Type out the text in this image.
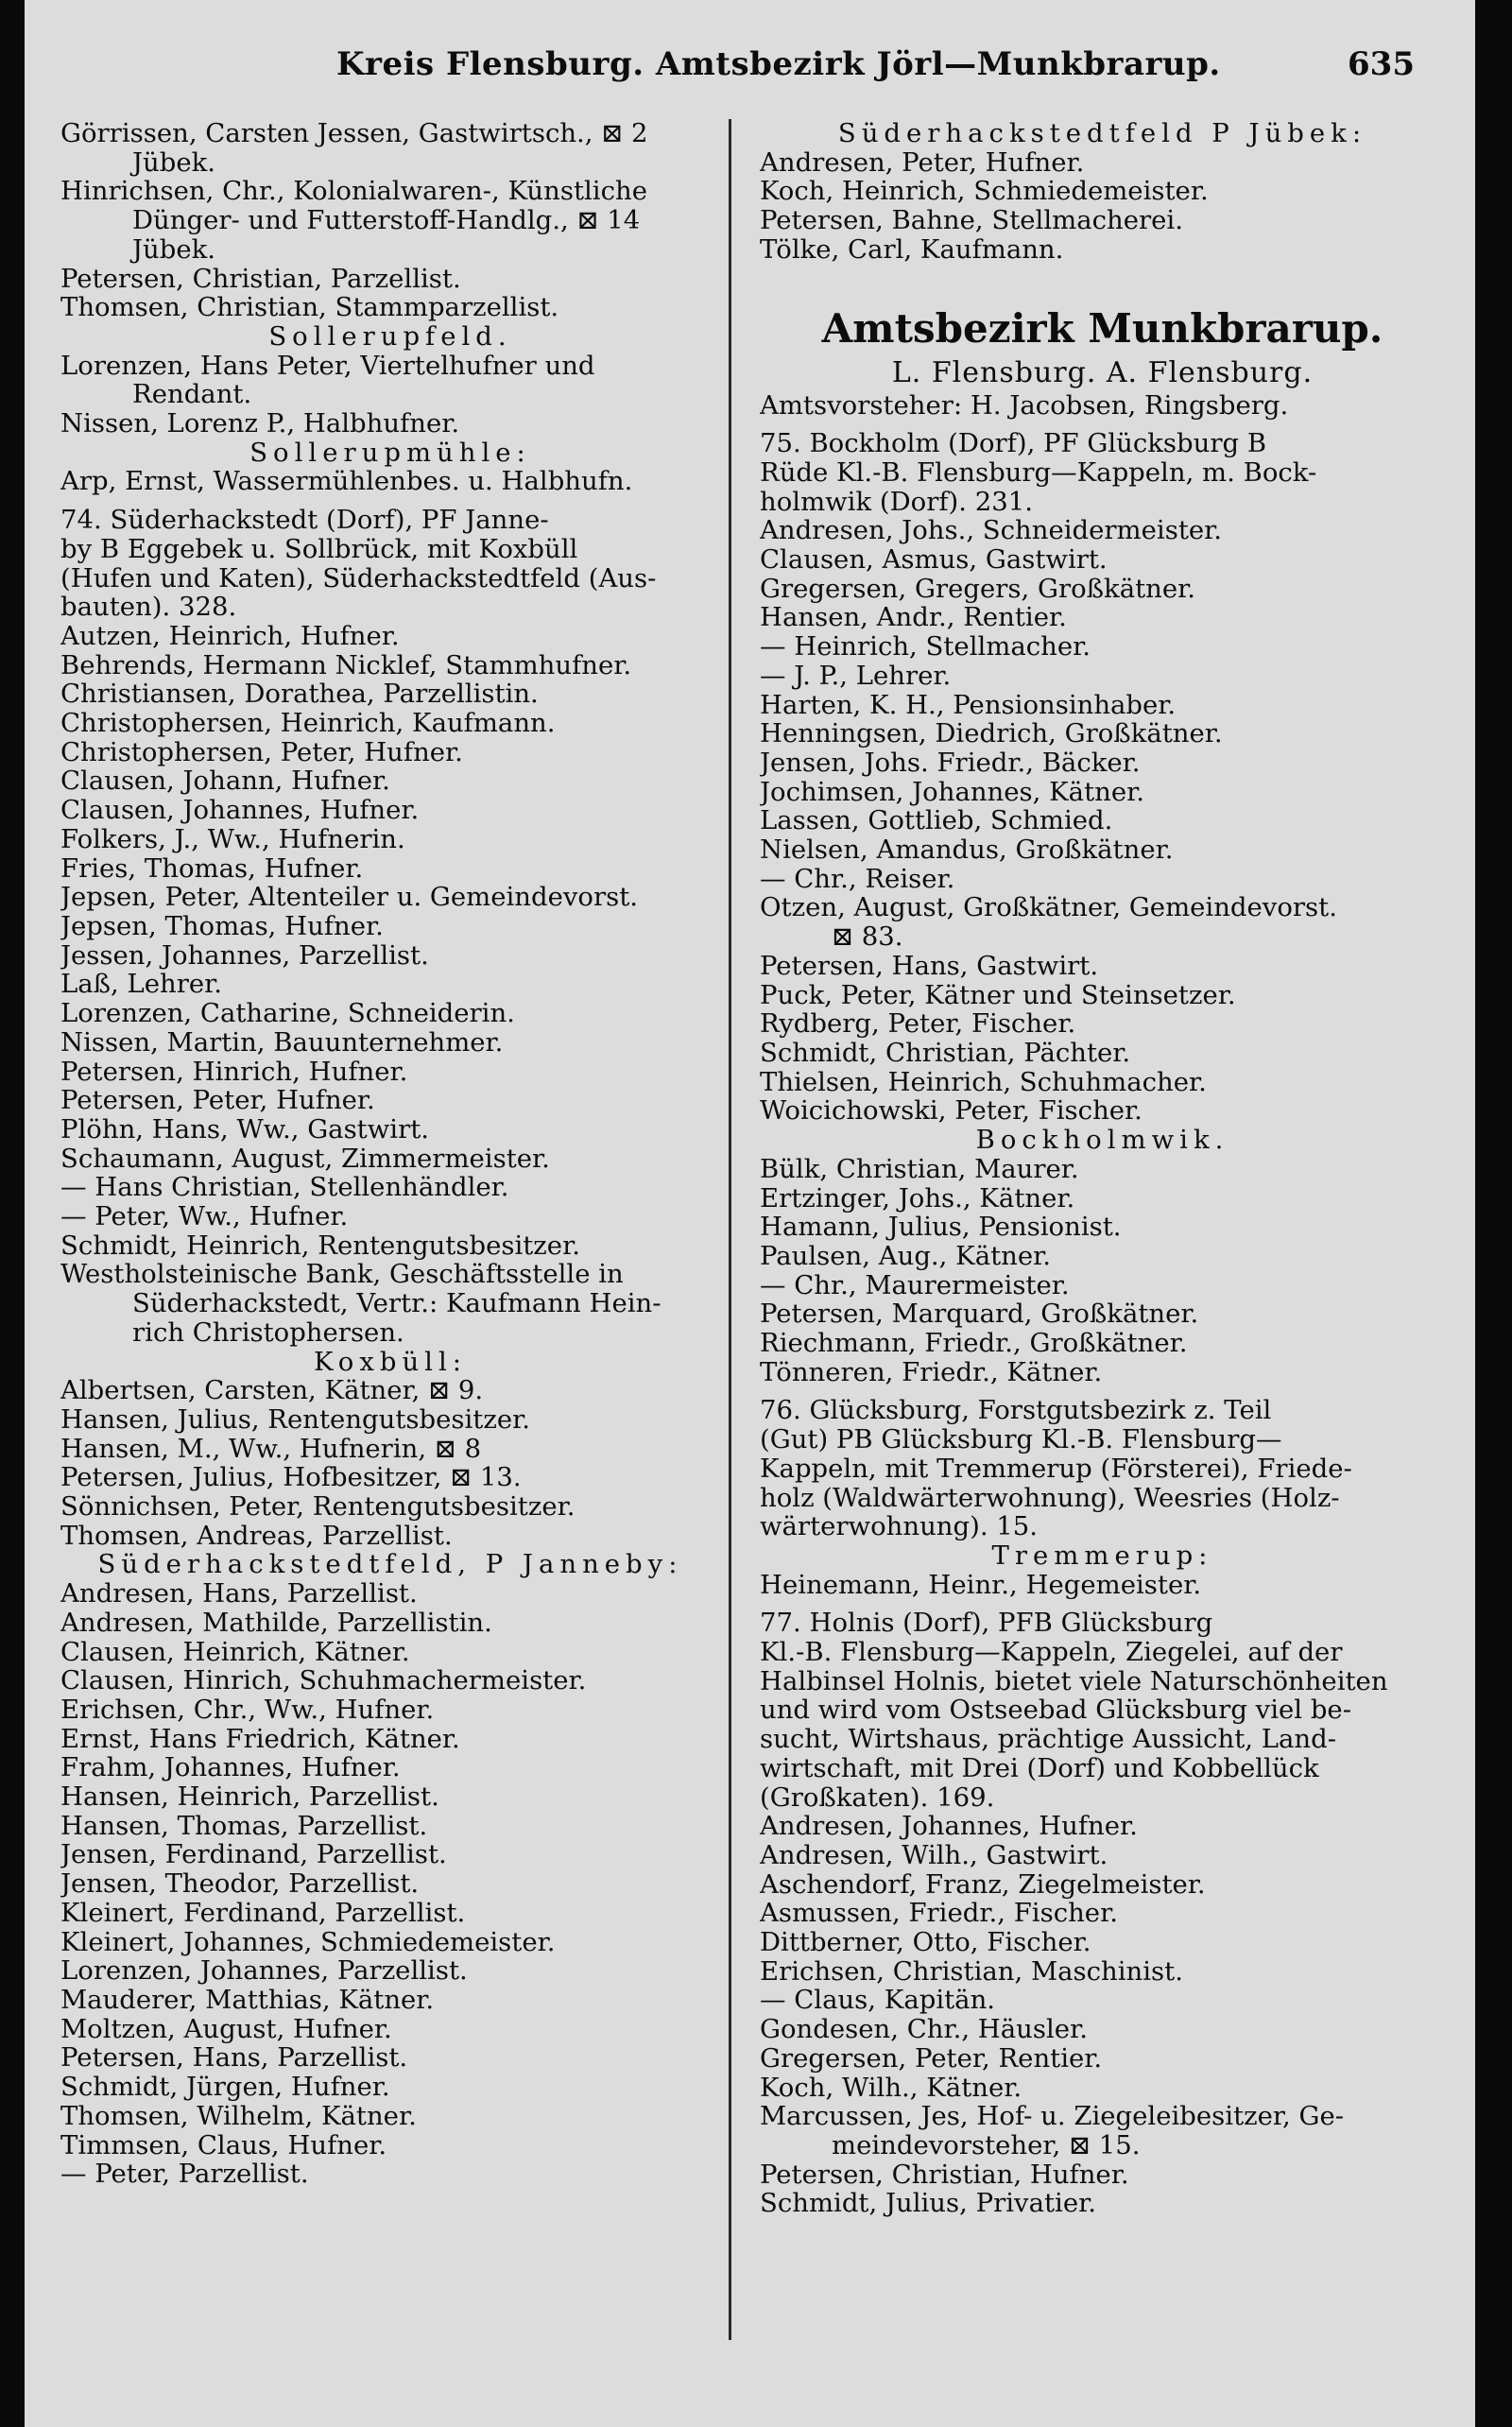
Kreis Flensburg. Amtsbezirk Jörl—Munkbrarup.	635
Görrissen, Carsten Jessen, Gastwirtsch., ⊠ 2
Jübek.
Hinrichsen, Chr., Kolonialwaren-, Künstliche
Dünger- und Futterstoff-Handlg., ⊠ 14
Jübek.
Petersen, Christian, Parzellist.
Thomsen, Christian, Stammparzellist.
Sollerupfeld.
Lorenzen, Hans Peter, Viertelhufner und
Rendant.
Nissen, Lorenz P., Halbhufner.
Sollerupmühle:
Arp, Ernst, Wassermühlenbes. u. Halbhufn.
74. Süderhackstedt (Dorf), PF Janne-
by B Eggebek u. Sollbrück, mit Koxbüll
(Hufen und Katen), Süderhackstedtfeld (Aus-
bauten). 328.
Autzen, Heinrich, Hufner.
Behrends, Hermann Nicklef, Stammhufner.
Christiansen, Dorathea, Parzellistin.
Christophersen, Heinrich, Kaufmann.
Christophersen, Peter, Hufner.
Clausen, Johann, Hufner.
Clausen, Johannes, Hufner.
Folkers, J., Ww., Hufnerin.
Fries, Thomas, Hufner.
Jepsen, Peter, Altenteiler u. Gemeindevorst.
Jepsen, Thomas, Hufner.
Jessen, Johannes, Parzellist.
Laß, Lehrer.
Lorenzen, Catharine, Schneiderin.
Nissen, Martin, Bauunternehmer.
Petersen, Hinrich, Hufner.
Petersen, Peter, Hufner.
Plöhn, Hans, Ww., Gastwirt.
Schaumann, August, Zimmermeister.
— Hans Christian, Stellenhändler.
— Peter, Ww., Hufner.
Schmidt, Heinrich, Rentengutsbesitzer.
Westholsteinische Bank, Geschäftsstelle in
Süderhackstedt, Vertr.: Kaufmann Hein-
rich Christophersen.
Koxbüll:
Albertsen, Carsten, Kätner, ⊠ 9.
Hansen, Julius, Rentengutsbesitzer.
Hansen, M., Ww., Hufnerin, ⊠ 8
Petersen, Julius, Hofbesitzer, ⊠ 13.
Sönnichsen, Peter, Rentengutsbesitzer.
Thomsen, Andreas, Parzellist.
Süderhackstedtfeld, P Janneby:
Andresen, Hans, Parzellist.
Andresen, Mathilde, Parzellistin.
Clausen, Heinrich, Kätner.
Clausen, Hinrich, Schuhmachermeister.
Erichsen, Chr., Ww., Hufner.
Ernst, Hans Friedrich, Kätner.
Frahm, Johannes, Hufner.
Hansen, Heinrich, Parzellist.
Hansen, Thomas, Parzellist.
Jensen, Ferdinand, Parzellist.
Jensen, Theodor, Parzellist.
Kleinert, Ferdinand, Parzellist.
Kleinert, Johannes, Schmiedemeister.
Lorenzen, Johannes, Parzellist.
Mauderer, Matthias, Kätner.
Moltzen, August, Hufner.
Petersen, Hans, Parzellist.
Schmidt, Jürgen, Hufner.
Thomsen, Wilhelm, Kätner.
Timmsen, Claus, Hufner.
— Peter, Parzellist.
Süderhackstedtfeld P Jübek:
Andresen, Peter, Hufner.
Koch, Heinrich, Schmiedemeister.
Petersen, Bahne, Stellmacherei.
Tölke, Carl, Kaufmann.
Amtsbezirk Munkbrarup.
L. Flensburg. A. Flensburg.
Amtsvorsteher: H. Jacobsen, Ringsberg.
75. Bockholm (Dorf), PF Glücksburg B
Rüde Kl.-B. Flensburg—Kappeln, m. Bock-
holmwik (Dorf). 231.
Andresen, Johs., Schneidermeister.
Clausen, Asmus, Gastwirt.
Gregersen, Gregers, Großkätner.
Hansen, Andr., Rentier.
— Heinrich, Stellmacher.
— J. P., Lehrer.
Harten, K. H., Pensionsinhaber.
Henningsen, Diedrich, Großkätner.
Jensen, Johs. Friedr., Bäcker.
Jochimsen, Johannes, Kätner.
Lassen, Gottlieb, Schmied.
Nielsen, Amandus, Großkätner.
— Chr., Reiser.
Otzen, August, Großkätner, Gemeindevorst.
⊠ 83.
Petersen, Hans, Gastwirt.
Puck, Peter, Kätner und Steinsetzer.
Rydberg, Peter, Fischer.
Schmidt, Christian, Pächter.
Thielsen, Heinrich, Schuhmacher.
Woicichowski, Peter, Fischer.
Bockholmwik.
Bülk, Christian, Maurer.
Ertzinger, Johs., Kätner.
Hamann, Julius, Pensionist.
Paulsen, Aug., Kätner.
— Chr., Maurermeister.
Petersen, Marquard, Großkätner.
Riechmann, Friedr., Großkätner.
Tönneren, Friedr., Kätner.
76. Glücksburg, Forstgutsbezirk z. Teil
(Gut) PB Glücksburg Kl.-B. Flensburg—
Kappeln, mit Tremmerup (Försterei), Friede-
holz (Waldwärterwohnung), Weesries (Holz-
wärterwohnung). 15.
Tremmerup:
Heinemann, Heinr., Hegemeister.
77. Holnis (Dorf), PFB Glücksburg
Kl.-B. Flensburg—Kappeln, Ziegelei, auf der
Halbinsel Holnis, bietet viele Naturschönheiten
und wird vom Ostseebad Glücksburg viel be-
sucht, Wirtshaus, prächtige Aussicht, Land-
wirtschaft, mit Drei (Dorf) und Kobbellück
(Großkaten). 169.
Andresen, Johannes, Hufner.
Andresen, Wilh., Gastwirt.
Aschendorf, Franz, Ziegelmeister.
Asmussen, Friedr., Fischer.
Dittberner, Otto, Fischer.
Erichsen, Christian, Maschinist.
— Claus, Kapitän.
Gondesen, Chr., Häusler.
Gregersen, Peter, Rentier.
Koch, Wilh., Kätner.
Marcussen, Jes, Hof- u. Ziegeleibesitzer, Ge-
meindevorsteher, ⊠ 15.
Petersen, Christian, Hufner.
Schmidt, Julius, Privatier.
